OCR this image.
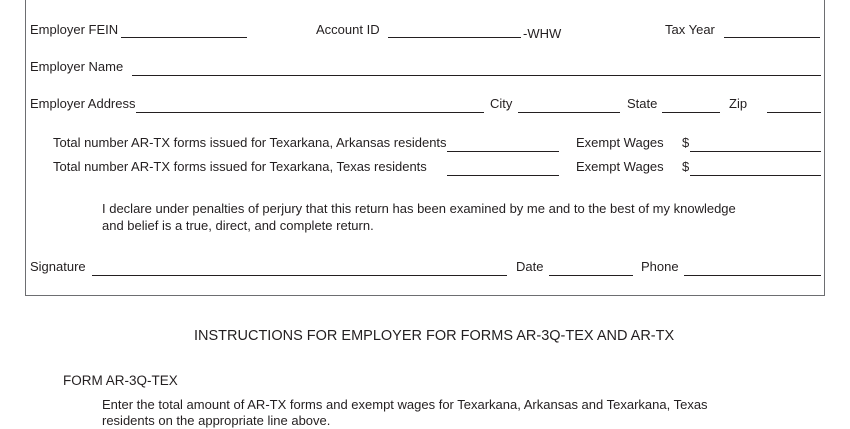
Employer FEIN	Account ID	-WHW	Tax Year
Employer Name
Employer Address	City	State	Zip
Total number AR-TX forms issued for Texarkana, Arkansas residents	Exempt Wages $
Total number AR-TX forms issued for Texarkana, Texas residents	Exempt Wages $
I declare under penalties of perjury that this return has been examined by me and to the best of my knowledge
and belief is a true, direct, and complete return.
Signature	Date	Phone
INSTRUCTIONS FOR EMPLOYER FOR FORMS AR-3Q-TEX AND AR-TX
FORM AR-3Q-TEX
Enter the total amount of AR-TX forms and exempt wages for Texarkana, Arkansas and Texarkana, Texas
residents on the appropriate line above.
